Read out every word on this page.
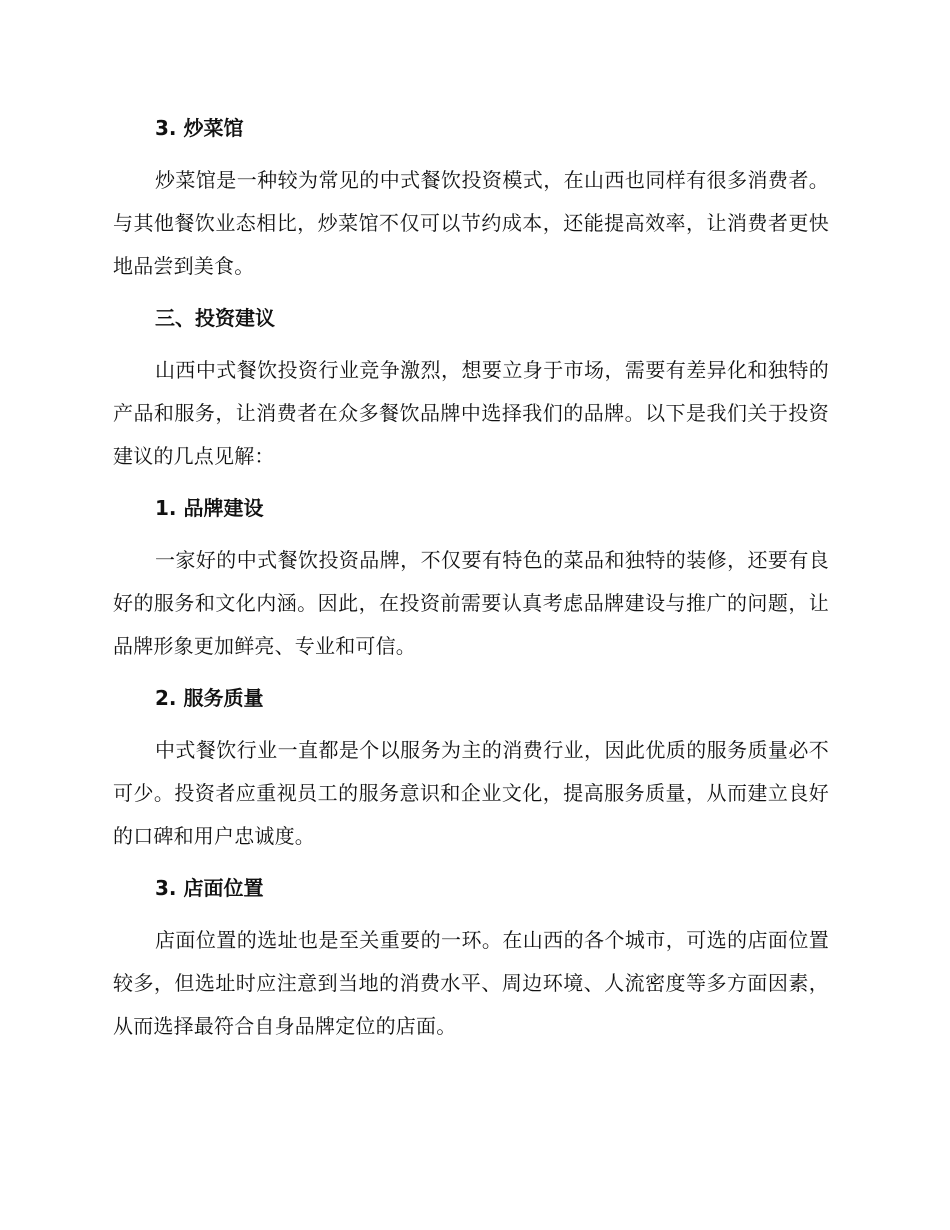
3. 炒菜馆

炒菜馆是一种较为常见的中式餐饮投资模式，在山西也同样有很多消费者。与其他餐饮业态相比，炒菜馆不仅可以节约成本，还能提高效率，让消费者更快地品尝到美食。

三、投资建议

山西中式餐饮投资行业竞争激烈，想要立身于市场，需要有差异化和独特的产品和服务，让消费者在众多餐饮品牌中选择我们的品牌。以下是我们关于投资建议的几点见解：

1. 品牌建设

一家好的中式餐饮投资品牌，不仅要有特色的菜品和独特的装修，还要有良好的服务和文化内涵。因此，在投资前需要认真考虑品牌建设与推广的问题，让品牌形象更加鲜亮、专业和可信。

2. 服务质量

中式餐饮行业一直都是个以服务为主的消费行业，因此优质的服务质量必不可少。投资者应重视员工的服务意识和企业文化，提高服务质量，从而建立良好的口碑和用户忠诚度。

3. 店面位置

店面位置的选址也是至关重要的一环。在山西的各个城市，可选的店面位置较多，但选址时应注意到当地的消费水平、周边环境、人流密度等多方面因素，从而选择最符合自身品牌定位的店面。
